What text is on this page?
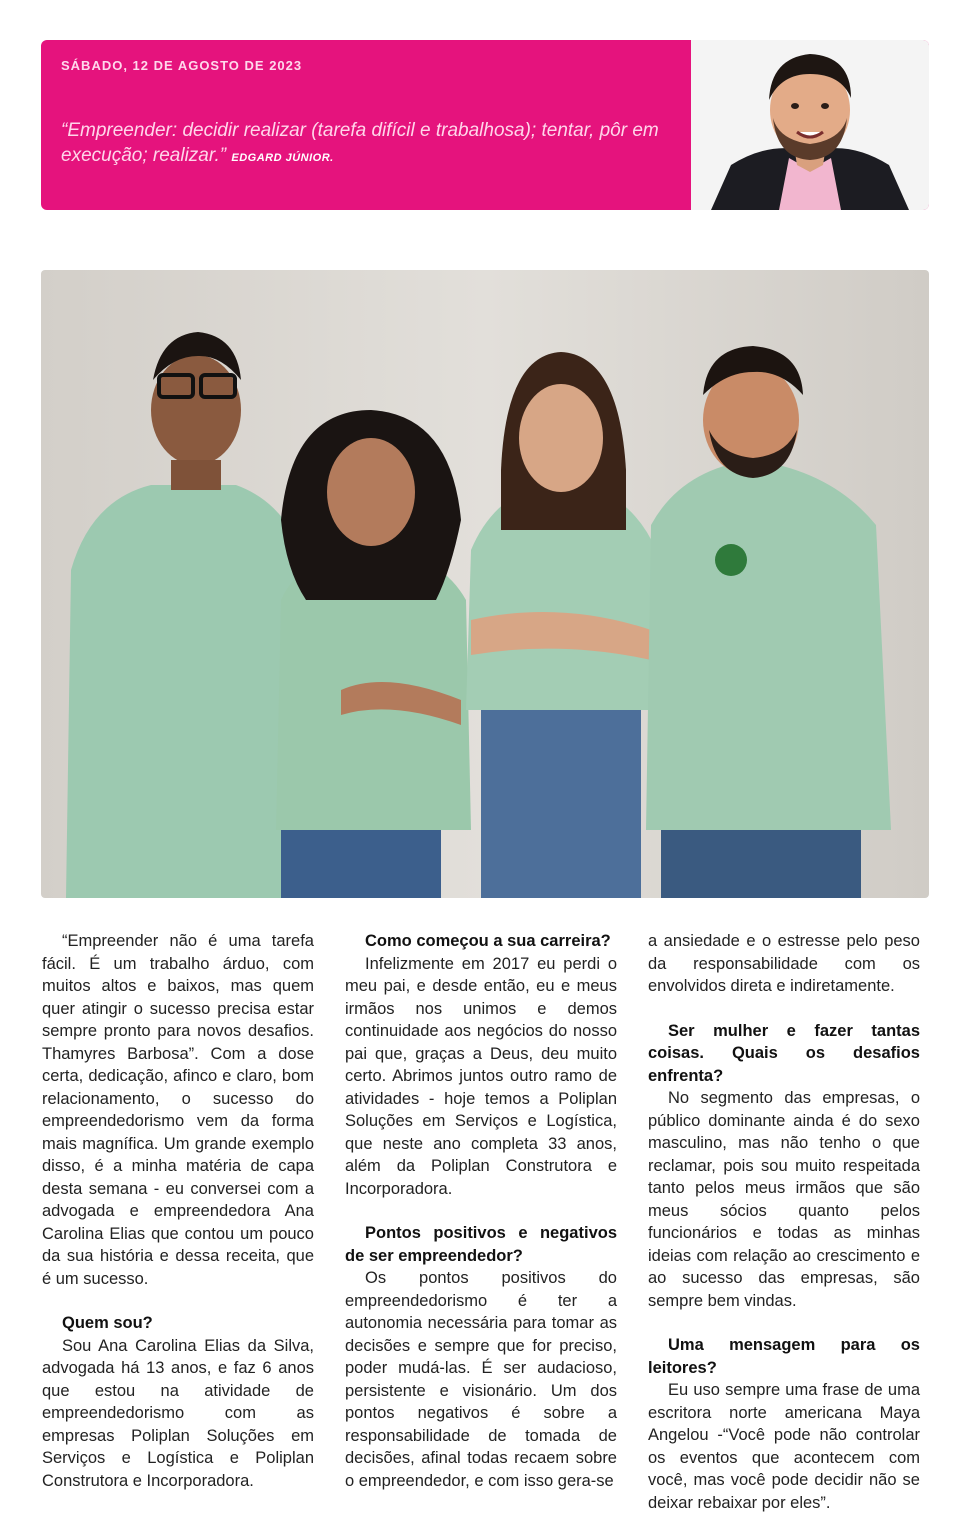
SÁBADO, 12 DE AGOSTO DE 2023
“Empreender: decidir realizar (tarefa difícil e trabalhosa); tentar, pôr em execução; realizar.” EDGARD JÚNIOR.

“Empreender não é uma tarefa fácil. É um trabalho árduo, com muitos altos e baixos, mas quem quer atingir o sucesso precisa estar sempre pronto para novos desafios. Thamyres Barbosa”. Com a dose certa, dedicação, afinco e claro, bom relacionamento, o sucesso do empreendedorismo vem da forma mais magnífica. Um grande exemplo disso, é a minha matéria de capa desta semana - eu conversei com a advogada e empreendedora Ana Carolina Elias que contou um pouco da sua história e dessa receita, que é um sucesso.

Quem sou?

Sou Ana Carolina Elias da Silva, advogada há 13 anos, e faz 6 anos que estou na atividade de empreendedorismo com as empresas Poliplan Soluções em Serviços e Logística e Poliplan Construtora e Incorporadora.

Como começou a sua carreira?

Infelizmente em 2017 eu perdi o meu pai, e desde então, eu e meus irmãos nos unimos e demos continuidade aos negócios do nosso pai que, graças a Deus, deu muito certo. Abrimos juntos outro ramo de atividades - hoje temos a Poliplan Soluções em Serviços e Logística, que neste ano completa 33 anos, além da Poliplan Construtora e Incorporadora.

Pontos positivos e negativos de ser empreendedor?

Os pontos positivos do empreendedorismo é ter a autonomia necessária para tomar as decisões e sempre que for preciso, poder mudá-las. É ser audacioso, persistente e visionário. Um dos pontos negativos é sobre a responsabilidade de tomada de decisões, afinal todas recaem sobre o empreendedor, e com isso gera-se

a ansiedade e o estresse pelo peso da responsabilidade com os envolvidos direta e indiretamente.

Ser mulher e fazer tantas coisas. Quais os desafios enfrenta?

No segmento das empresas, o público dominante ainda é do sexo masculino, mas não tenho o que reclamar, pois sou muito respeitada tanto pelos meus irmãos que são meus sócios quanto pelos funcionários e todas as minhas ideias com relação ao crescimento e ao sucesso das empresas, são sempre bem vindas.

Uma mensagem para os leitores?

Eu uso sempre uma frase de uma escritora norte americana Maya Angelou -“Você pode não controlar os eventos que acontecem com você, mas você pode decidir não se deixar rebaixar por eles”.
